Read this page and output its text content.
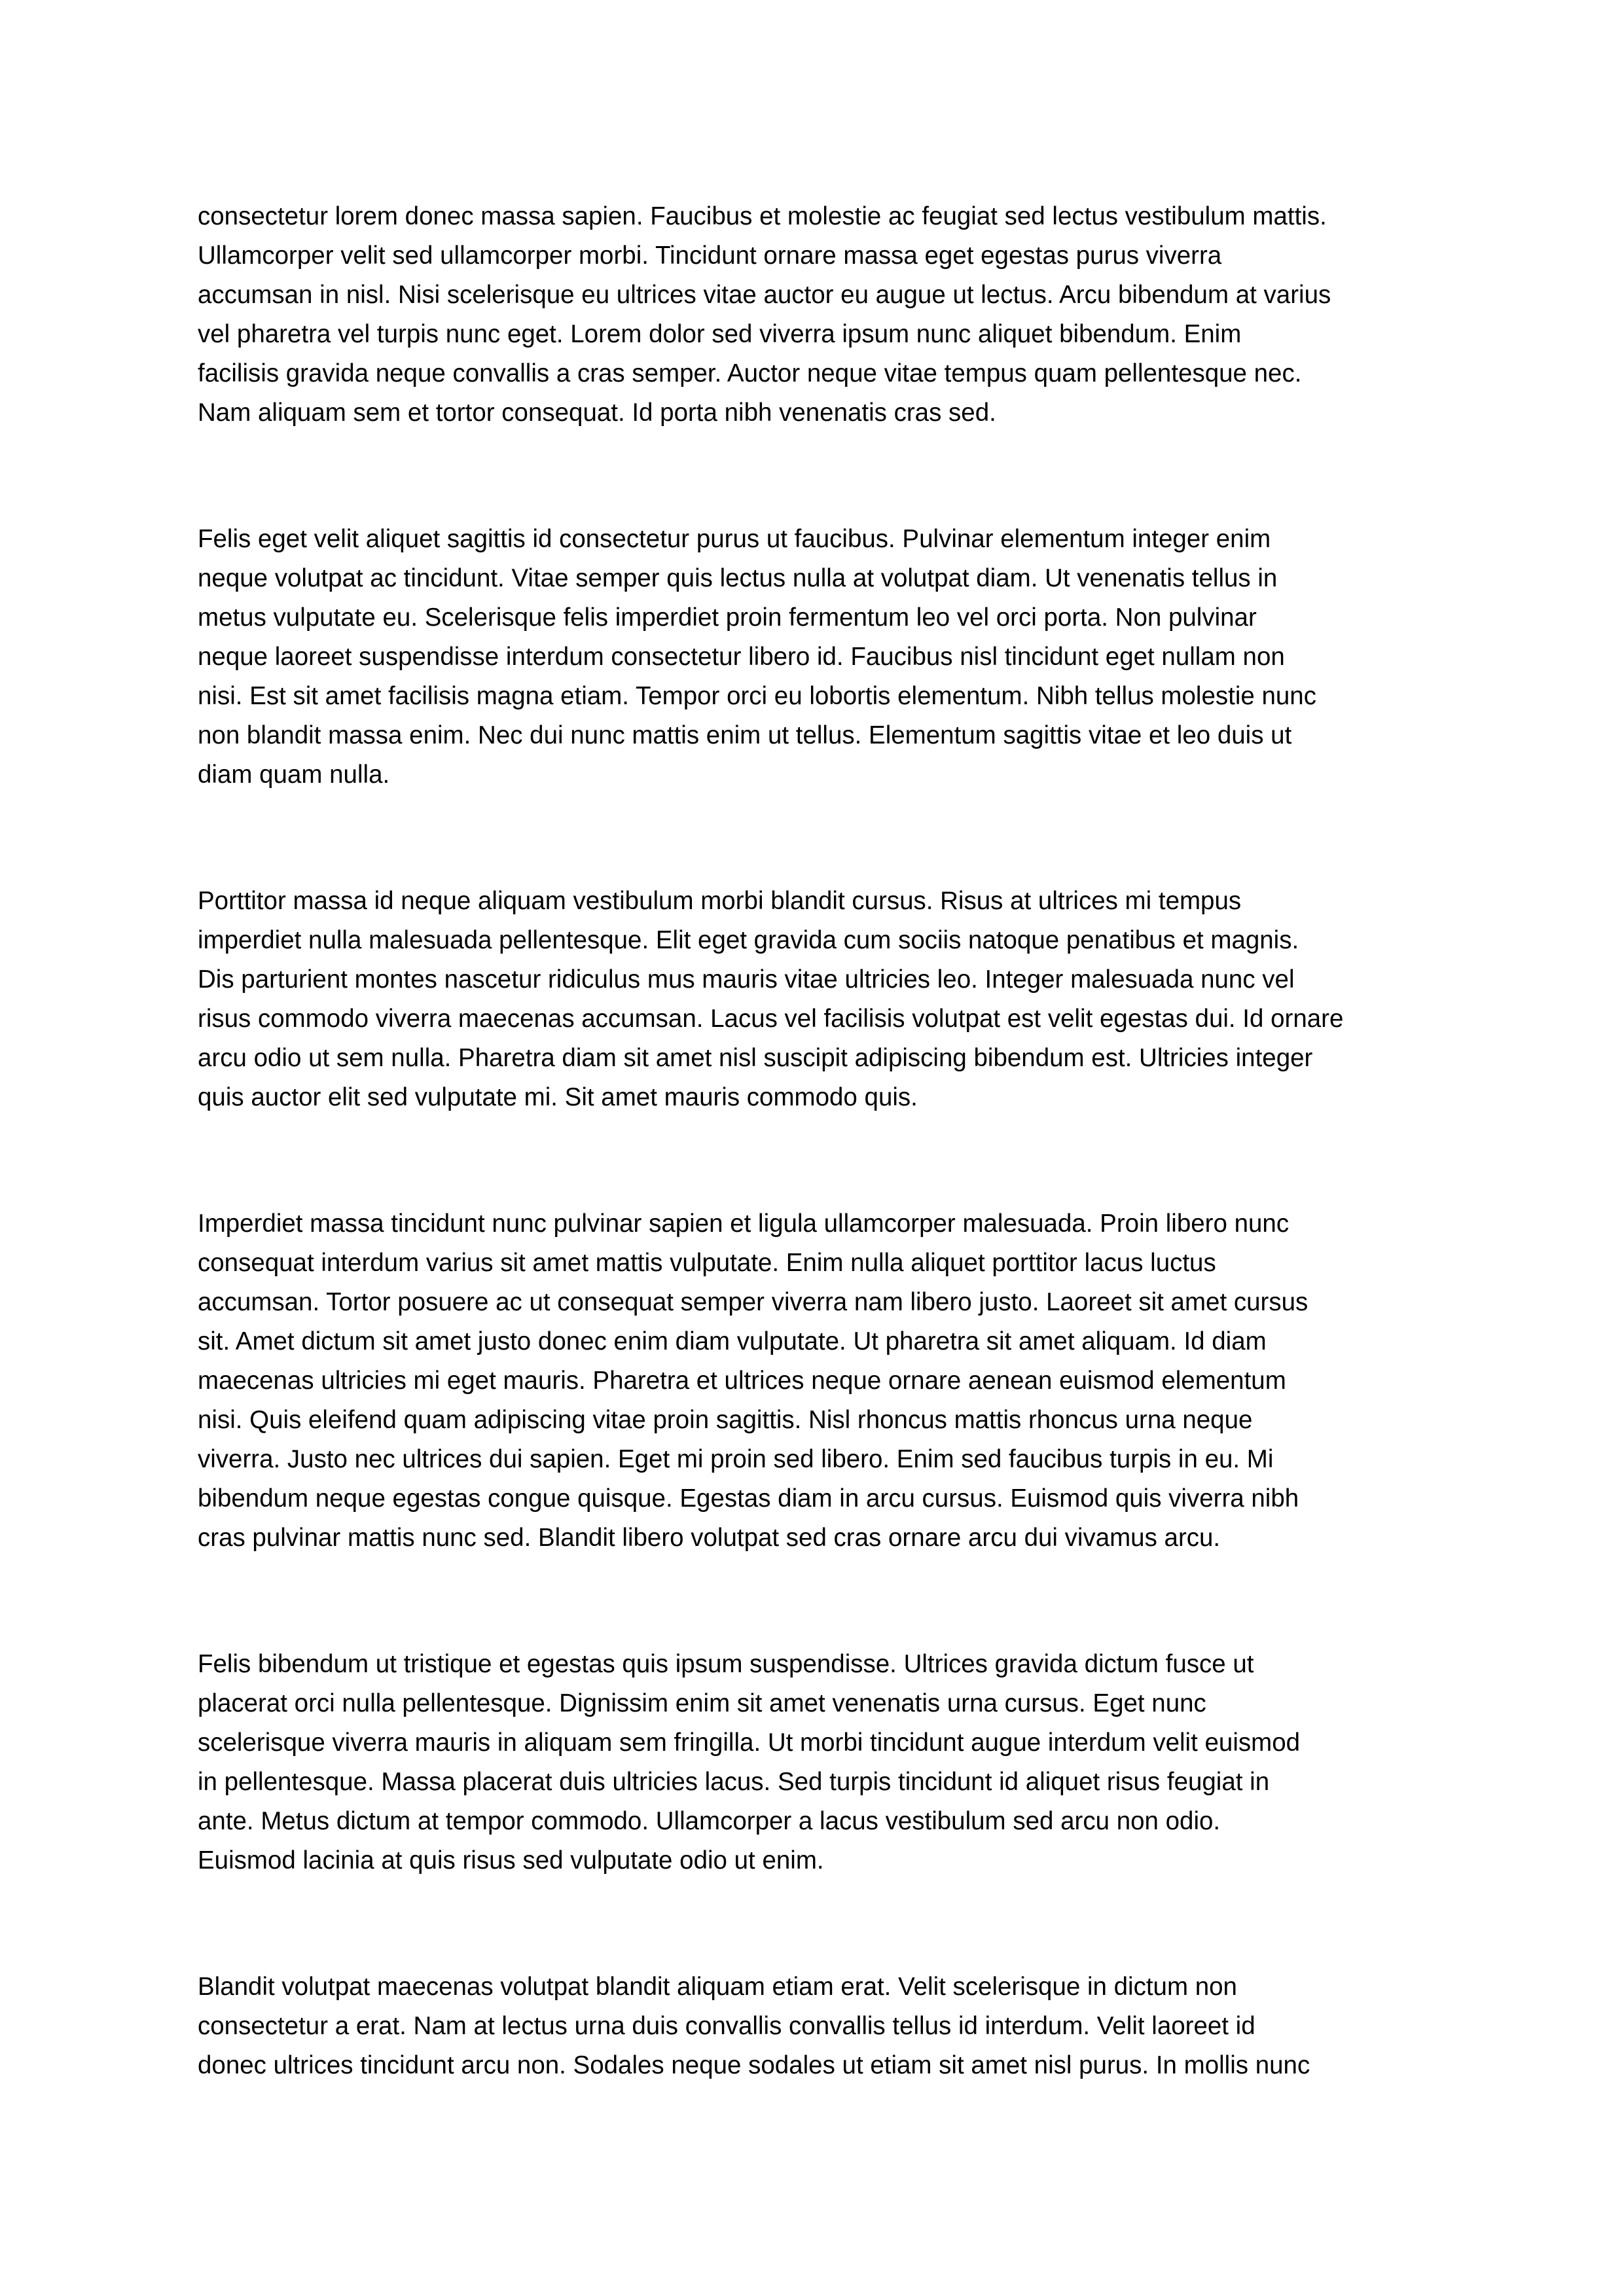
consectetur lorem donec massa sapien. Faucibus et molestie ac feugiat sed lectus vestibulum mattis.
Ullamcorper velit sed ullamcorper morbi. Tincidunt ornare massa eget egestas purus viverra
accumsan in nisl. Nisi scelerisque eu ultrices vitae auctor eu augue ut lectus. Arcu bibendum at varius
vel pharetra vel turpis nunc eget. Lorem dolor sed viverra ipsum nunc aliquet bibendum. Enim
facilisis gravida neque convallis a cras semper. Auctor neque vitae tempus quam pellentesque nec.
Nam aliquam sem et tortor consequat. Id porta nibh venenatis cras sed.

Felis eget velit aliquet sagittis id consectetur purus ut faucibus. Pulvinar elementum integer enim
neque volutpat ac tincidunt. Vitae semper quis lectus nulla at volutpat diam. Ut venenatis tellus in
metus vulputate eu. Scelerisque felis imperdiet proin fermentum leo vel orci porta. Non pulvinar
neque laoreet suspendisse interdum consectetur libero id. Faucibus nisl tincidunt eget nullam non
nisi. Est sit amet facilisis magna etiam. Tempor orci eu lobortis elementum. Nibh tellus molestie nunc
non blandit massa enim. Nec dui nunc mattis enim ut tellus. Elementum sagittis vitae et leo duis ut
diam quam nulla.

Porttitor massa id neque aliquam vestibulum morbi blandit cursus. Risus at ultrices mi tempus
imperdiet nulla malesuada pellentesque. Elit eget gravida cum sociis natoque penatibus et magnis.
Dis parturient montes nascetur ridiculus mus mauris vitae ultricies leo. Integer malesuada nunc vel
risus commodo viverra maecenas accumsan. Lacus vel facilisis volutpat est velit egestas dui. Id ornare
arcu odio ut sem nulla. Pharetra diam sit amet nisl suscipit adipiscing bibendum est. Ultricies integer
quis auctor elit sed vulputate mi. Sit amet mauris commodo quis.

Imperdiet massa tincidunt nunc pulvinar sapien et ligula ullamcorper malesuada. Proin libero nunc
consequat interdum varius sit amet mattis vulputate. Enim nulla aliquet porttitor lacus luctus
accumsan. Tortor posuere ac ut consequat semper viverra nam libero justo. Laoreet sit amet cursus
sit. Amet dictum sit amet justo donec enim diam vulputate. Ut pharetra sit amet aliquam. Id diam
maecenas ultricies mi eget mauris. Pharetra et ultrices neque ornare aenean euismod elementum
nisi. Quis eleifend quam adipiscing vitae proin sagittis. Nisl rhoncus mattis rhoncus urna neque
viverra. Justo nec ultrices dui sapien. Eget mi proin sed libero. Enim sed faucibus turpis in eu. Mi
bibendum neque egestas congue quisque. Egestas diam in arcu cursus. Euismod quis viverra nibh
cras pulvinar mattis nunc sed. Blandit libero volutpat sed cras ornare arcu dui vivamus arcu.

Felis bibendum ut tristique et egestas quis ipsum suspendisse. Ultrices gravida dictum fusce ut
placerat orci nulla pellentesque. Dignissim enim sit amet venenatis urna cursus. Eget nunc
scelerisque viverra mauris in aliquam sem fringilla. Ut morbi tincidunt augue interdum velit euismod
in pellentesque. Massa placerat duis ultricies lacus. Sed turpis tincidunt id aliquet risus feugiat in
ante. Metus dictum at tempor commodo. Ullamcorper a lacus vestibulum sed arcu non odio.
Euismod lacinia at quis risus sed vulputate odio ut enim.

Blandit volutpat maecenas volutpat blandit aliquam etiam erat. Velit scelerisque in dictum non
consectetur a erat. Nam at lectus urna duis convallis convallis tellus id interdum. Velit laoreet id
donec ultrices tincidunt arcu non. Sodales neque sodales ut etiam sit amet nisl purus. In mollis nunc
